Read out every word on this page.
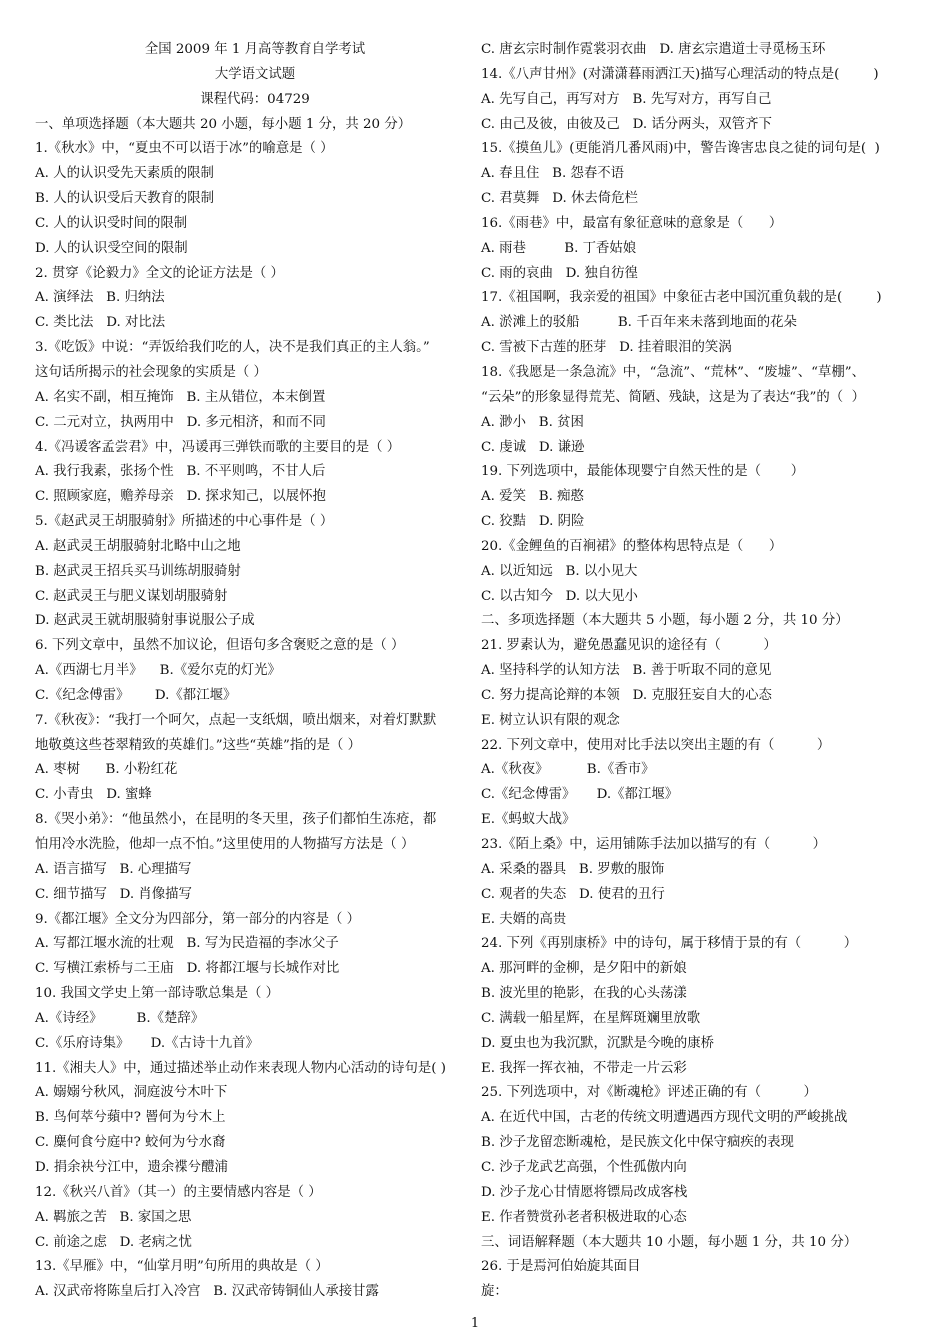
全国 2009 年 1 月高等教育自学考试
大学语文试题
课程代码：04729
一、单项选择题（本大题共 20 小题，每小题 1 分，共 20 分）
1.《秋水》中，“夏虫不可以语于冰”的喻意是（ ）
A. 人的认识受先天素质的限制
B. 人的认识受后天教育的限制
C. 人的认识受时间的限制
D. 人的认识受空间的限制
2. 贯穿《论毅力》全文的论证方法是（ ）
A. 演绎法   B. 归纳法
C. 类比法   D. 对比法
3.《吃饭》中说：“弄饭给我们吃的人，决不是我们真正的主人翁。”
这句话所揭示的社会现象的实质是（ ）
A. 名实不副，相互掩饰   B. 主从错位，本末倒置
C. 二元对立，执两用中   D. 多元相济，和而不同
4.《冯谖客孟尝君》中，冯谖再三弹铁而歌的主要目的是（ ）
A. 我行我素，张扬个性   B. 不平则鸣，不甘人后
C. 照顾家庭，赡养母亲   D. 探求知己，以展怀抱
5.《赵武灵王胡服骑射》所描述的中心事件是（ ）
A. 赵武灵王胡服骑射北略中山之地
B. 赵武灵王招兵买马训练胡服骑射
C. 赵武灵王与肥义谋划胡服骑射
D. 赵武灵王就胡服骑射事说服公子成
6. 下列文章中，虽然不加议论，但语句多含褒贬之意的是（ ）
A.《西湖七月半》    B.《爱尔克的灯光》
C.《纪念傅雷》      D.《都江堰》
7.《秋夜》：“我打一个呵欠，点起一支纸烟，喷出烟来，对着灯默默
地敬奠这些苍翠精致的英雄们。”这些“英雄”指的是（ ）
A. 枣树      B. 小粉红花
C. 小青虫   D. 蜜蜂
8.《哭小弟》：“他虽然小，在昆明的冬天里，孩子们都怕生冻疮，都
怕用冷水洗脸，他却一点不怕。”这里使用的人物描写方法是（ ）
A. 语言描写   B. 心理描写
C. 细节描写   D. 肖像描写
9.《都江堰》全文分为四部分，第一部分的内容是（ ）
A. 写都江堰水流的壮观   B. 写为民造福的李冰父子
C. 写横江索桥与二王庙   D. 将都江堰与长城作对比
10. 我国文学史上第一部诗歌总集是（ ）
A.《诗经》        B.《楚辞》
C.《乐府诗集》     D.《古诗十九首》
11.《湘夫人》中，通过描述举止动作来表现人物内心活动的诗句是( )
A. 嫋嫋兮秋风，洞庭波兮木叶下
B. 鸟何萃兮蘋中? 罾何为兮木上
C. 麋何食兮庭中? 蛟何为兮水裔
D. 捐余袂兮江中，遗余褋兮醴浦
12.《秋兴八首》（其一）的主要情感内容是（ ）
A. 羁旅之苦   B. 家国之思
C. 前途之虑   D. 老病之忧
13.《早雁》中，“仙掌月明”句所用的典故是（ ）
A. 汉武帝将陈皇后打入冷宫   B. 汉武帝铸铜仙人承接甘露
C. 唐玄宗时制作霓裳羽衣曲   D. 唐玄宗遣道士寻觅杨玉环
14.《八声甘州》(对潇潇暮雨洒江天)描写心理活动的特点是(        )
A. 先写自己，再写对方   B. 先写对方，再写自己
C. 由己及彼，由彼及己   D. 话分两头，双管齐下
15.《摸鱼儿》(更能消几番风雨)中，警告谗害忠良之徒的词句是(  )
A. 春且住   B. 怨春不语
C. 君莫舞   D. 休去倚危栏
16.《雨巷》中，最富有象征意味的意象是（      ）
A. 雨巷         B. 丁香姑娘
C. 雨的哀曲   D. 独自彷徨
17.《祖国啊，我亲爱的祖国》中象征古老中国沉重负载的是(        )
A. 淤滩上的驳船         B. 千百年来未落到地面的花朵
C. 雪被下古莲的胚芽   D. 挂着眼泪的笑涡
18.《我愿是一条急流》中，“急流”、“荒林”、“废墟”、“草棚”、
“云朵”的形象显得荒芜、简陋、残缺，这是为了表达“我”的（  ）
A. 渺小   B. 贫困
C. 虔诚   D. 谦逊
19. 下列选项中，最能体现婴宁自然天性的是（       ）
A. 爱笑   B. 痴憨
C. 狡黠   D. 阴险
20.《金鲤鱼的百裥裙》的整体构思特点是（      ）
A. 以近知远   B. 以小见大
C. 以古知今   D. 以大见小
二、多项选择题（本大题共 5 小题，每小题 2 分，共 10 分）
21. 罗素认为，避免愚蠢见识的途径有（          ）
A. 坚持科学的认知方法   B. 善于听取不同的意见
C. 努力提高论辩的本领   D. 克服狂妄自大的心态
E. 树立认识有限的观念
22. 下列文章中，使用对比手法以突出主题的有（          ）
A.《秋夜》         B.《香市》
C.《纪念傅雷》     D.《都江堰》
E.《蚂蚁大战》
23.《陌上桑》中，运用铺陈手法加以描写的有（          ）
A. 采桑的器具   B. 罗敷的服饰
C. 观者的失态   D. 使君的丑行
E. 夫婿的高贵
24. 下列《再别康桥》中的诗句，属于移情于景的有（          ）
A. 那河畔的金柳，是夕阳中的新娘
B. 波光里的艳影，在我的心头荡漾
C. 满载一船星辉，在星辉斑斓里放歌
D. 夏虫也为我沉默，沉默是今晚的康桥
E. 我挥一挥衣袖，不带走一片云彩
25. 下列选项中，对《断魂枪》评述正确的有（          ）
A. 在近代中国，古老的传统文明遭遇西方现代文明的严峻挑战
B. 沙子龙留恋断魂枪，是民族文化中保守痼疾的表现
C. 沙子龙武艺高强，个性孤傲内向
D. 沙子龙心甘情愿将镖局改成客栈
E. 作者赞赏孙老者积极进取的心态
三、词语解释题（本大题共 10 小题，每小题 1 分，共 10 分）
26. 于是焉河伯始旋其面目
旋：
1
